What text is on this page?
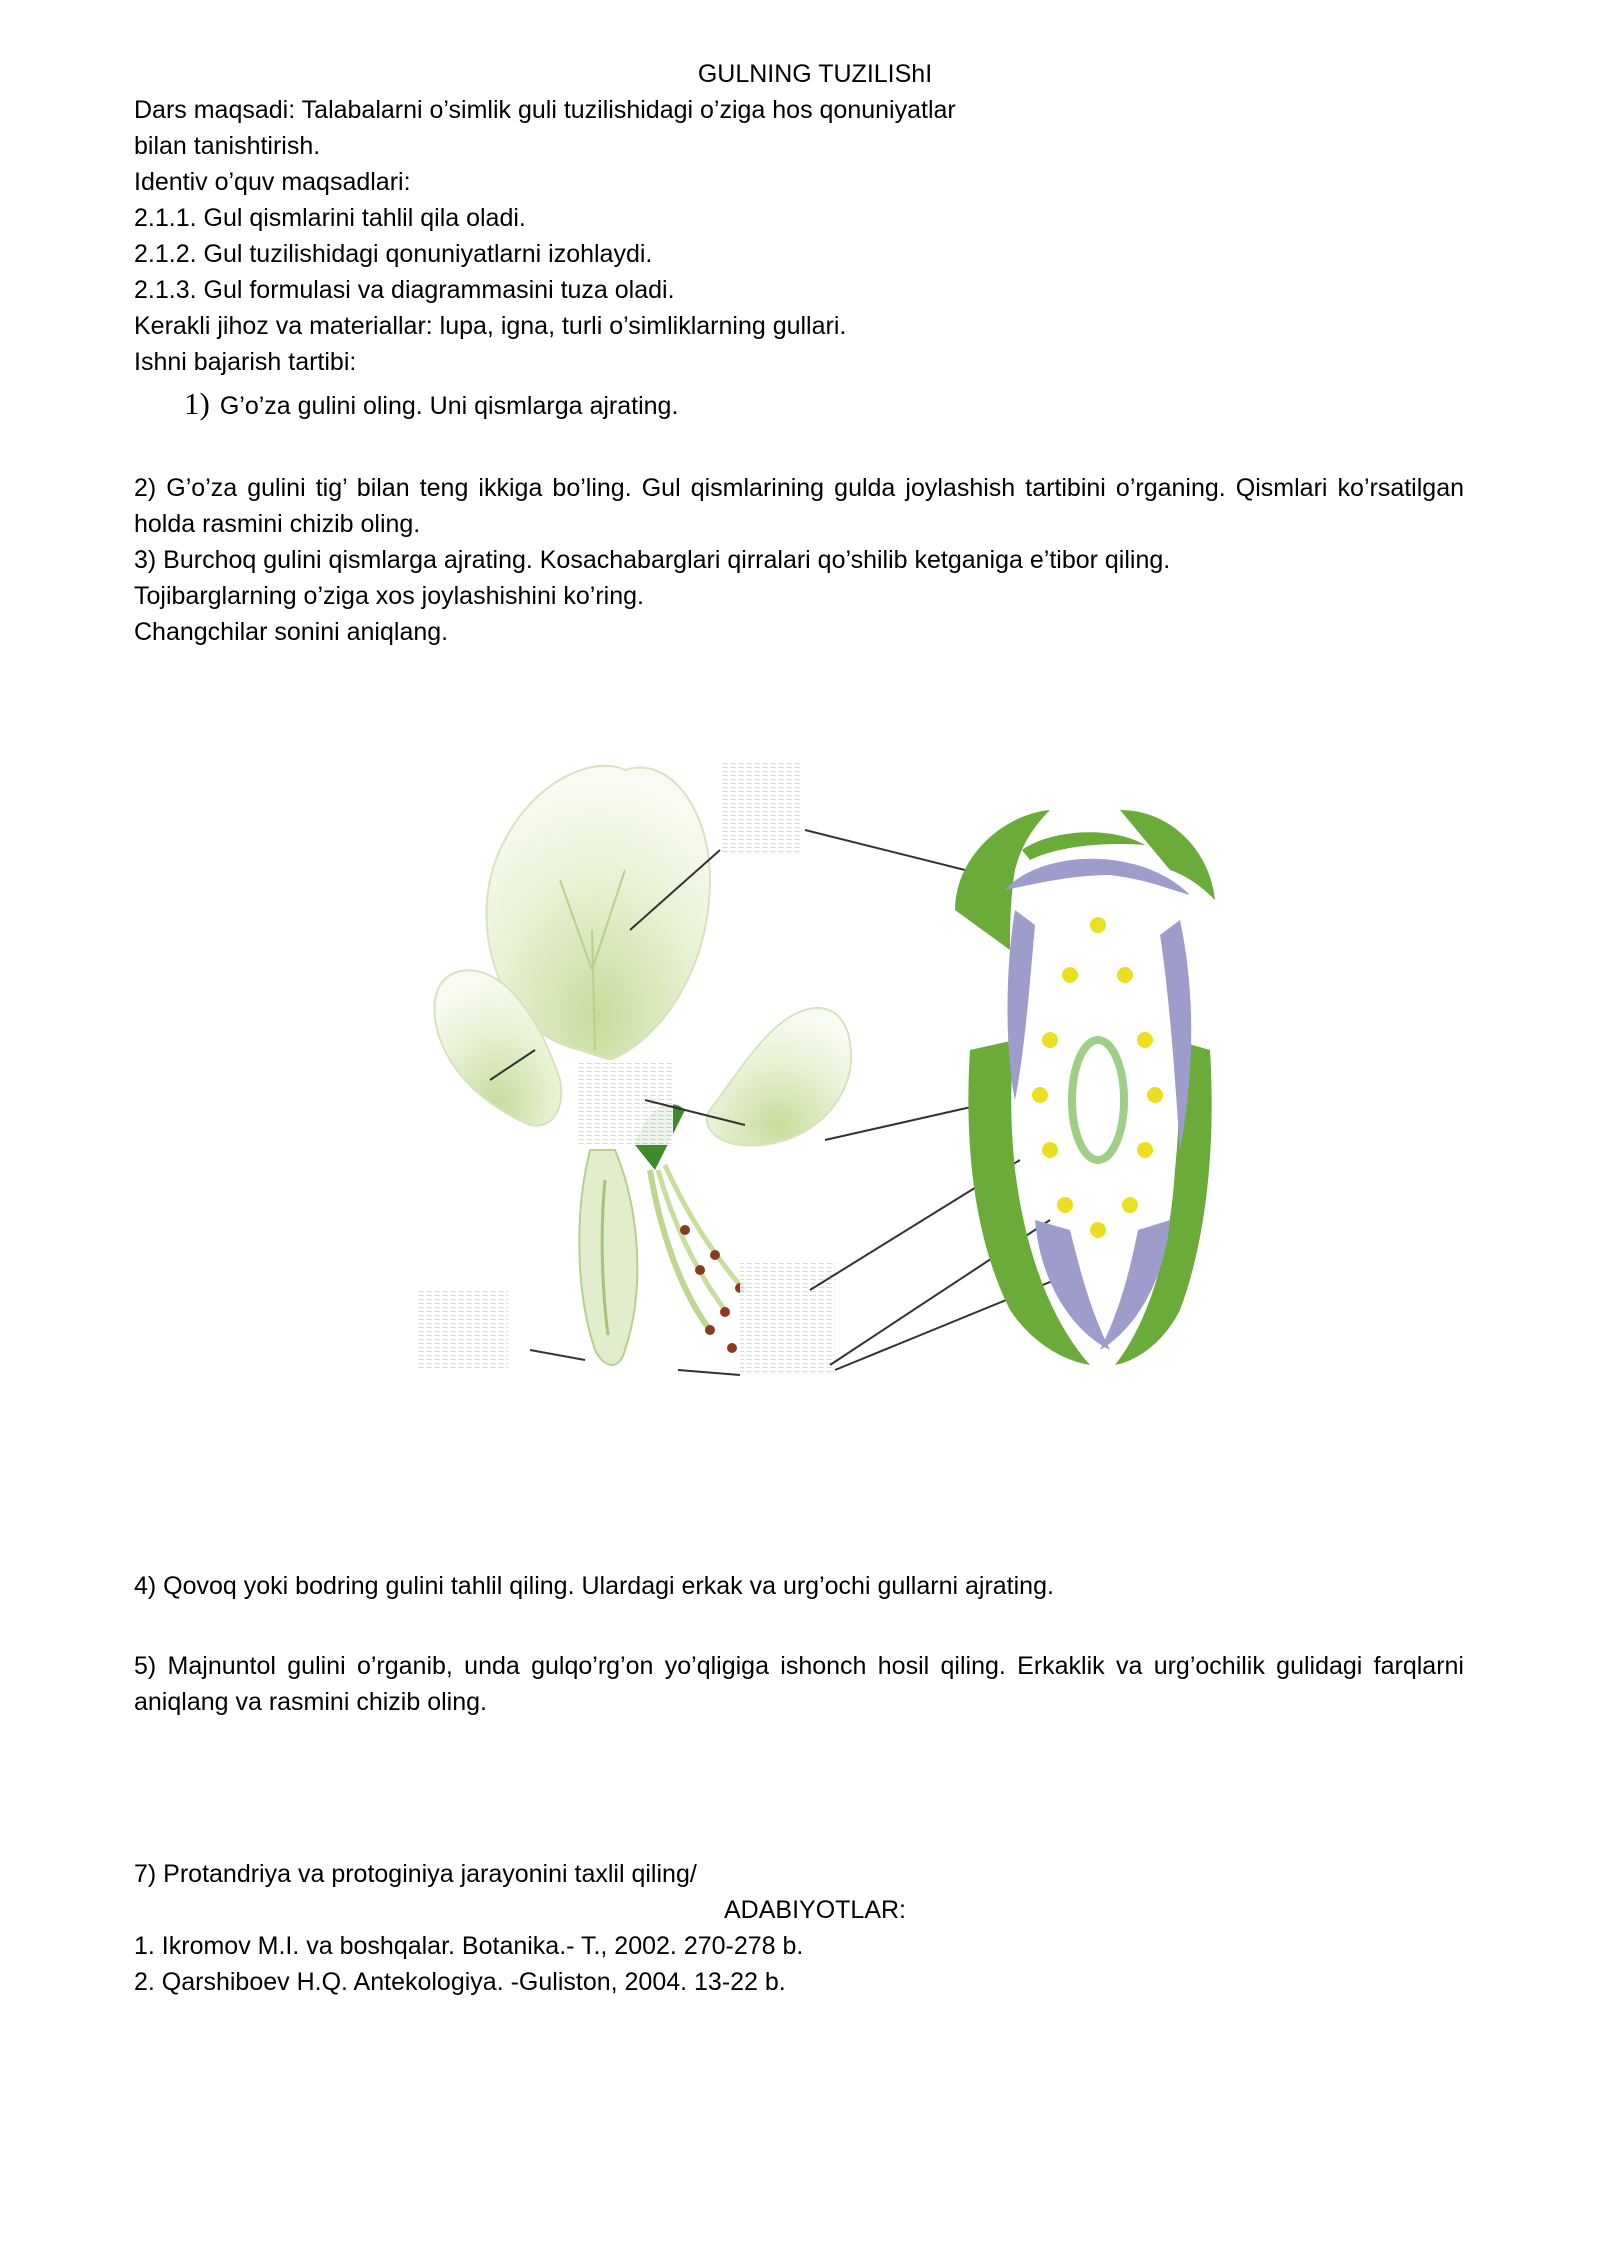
GULNING TUZILIShI
Dars maqsadi: Talabalarni o’simlik guli tuzilishidagi o’ziga hos qonuniyatlar
bilan tanishtirish.
Identiv o’quv maqsadlari:
2.1.1. Gul qismlarini tahlil qila oladi.
2.1.2. Gul tuzilishidagi qonuniyatlarni izohlaydi.
2.1.3. Gul formulasi va diagrammasini tuza oladi.
Kerakli jihoz va materiallar: lupa, igna, turli o’simliklarning gullari.
Ishni bajarish tartibi:
1) G’o’za gulini oling. Uni qismlarga ajrating.
2) G’o’za gulini tig’ bilan teng ikkiga bo’ling. Gul qismlarining gulda joylashish tartibini o’rganing. Qismlari ko’rsatilgan holda rasmini chizib oling.
3) Burchoq gulini qismlarga ajrating. Kosachabarglari qirralari qo’shilib ketganiga e’tibor qiling.
Tojibarglarning o’ziga xos joylashishini ko’ring.
Changchilar sonini aniqlang.
4) Qovoq yoki bodring gulini tahlil qiling. Ulardagi erkak va urg’ochi gullarni ajrating.
5) Majnuntol gulini o’rganib, unda gulqo’rg’on yo’qligiga ishonch hosil qiling. Erkaklik va urg’ochilik gulidagi farqlarni aniqlang va rasmini chizib oling.
7) Protandriya va protoginiya jarayonini taxlil qiling/
ADABIYOTLAR:
1. Ikromov M.I. va boshqalar. Botanika.- T., 2002. 270-278 b.
2. Qarshiboev H.Q. Antekologiya. -Guliston, 2004. 13-22 b.
